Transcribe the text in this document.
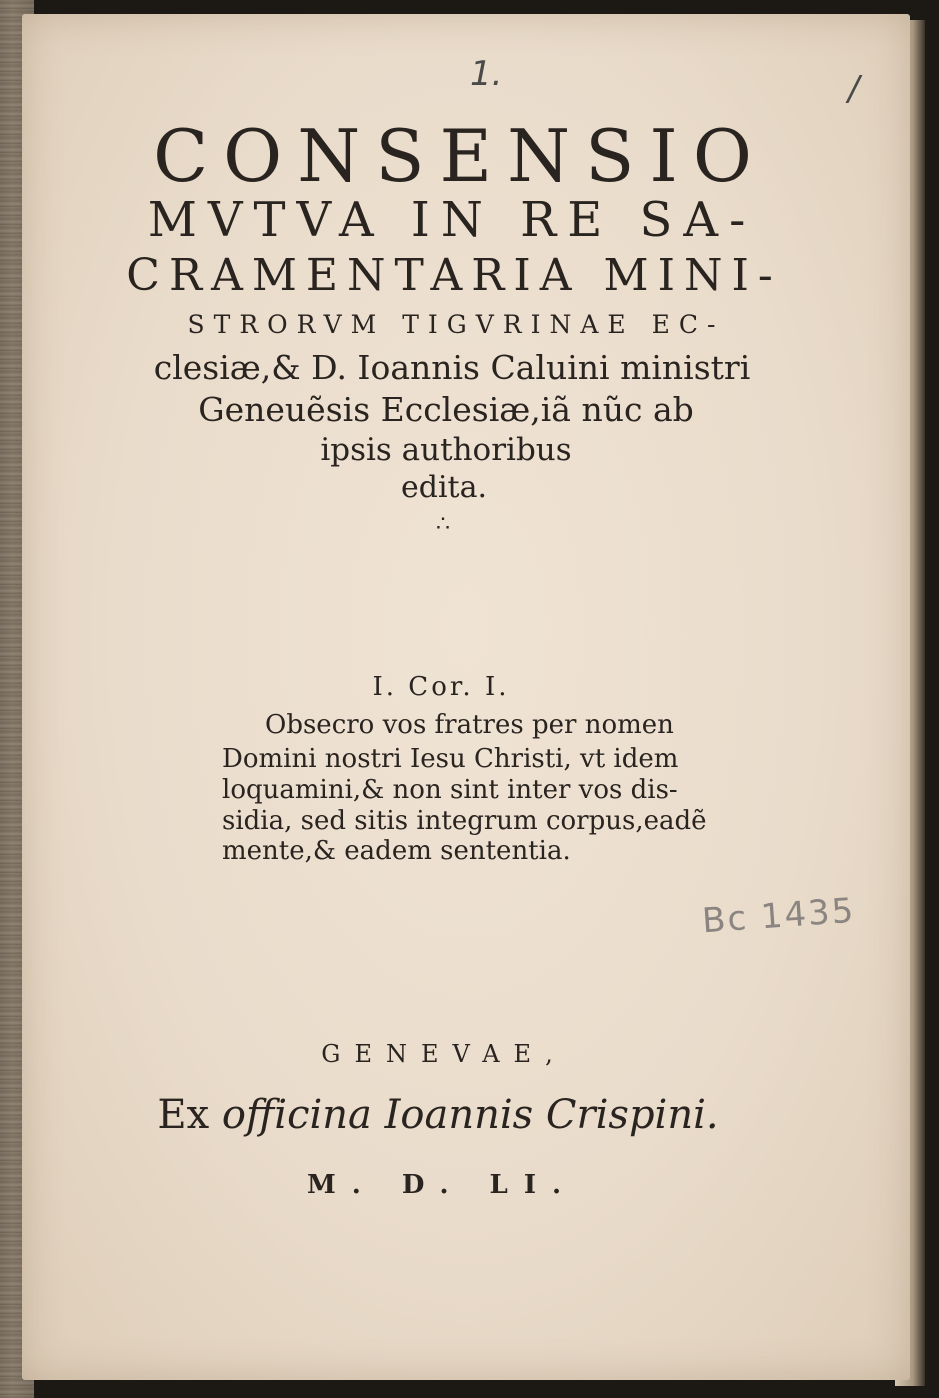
1.	/
CONSENSIO
MVTVA IN RE SA-
CRAMENTARIA MINI-
STRORVM TIGVRINAE EC-
clesiæ,& D. Ioannis Caluini ministri
Geneuẽsis Ecclesiæ,iã nũc ab
ipsis authoribus
edita.
∴
I. Cor. I.
Obsecro vos fratres per nomen
Domini nostri Iesu Christi, vt idem
loquamini,& non sint inter vos dis-
sidia, sed sitis integrum corpus,eadẽ
mente,& eadem sententia.
Bc 1435
GENEVAE,
Ex officina Ioannis Crispini.
M. D. LI.
